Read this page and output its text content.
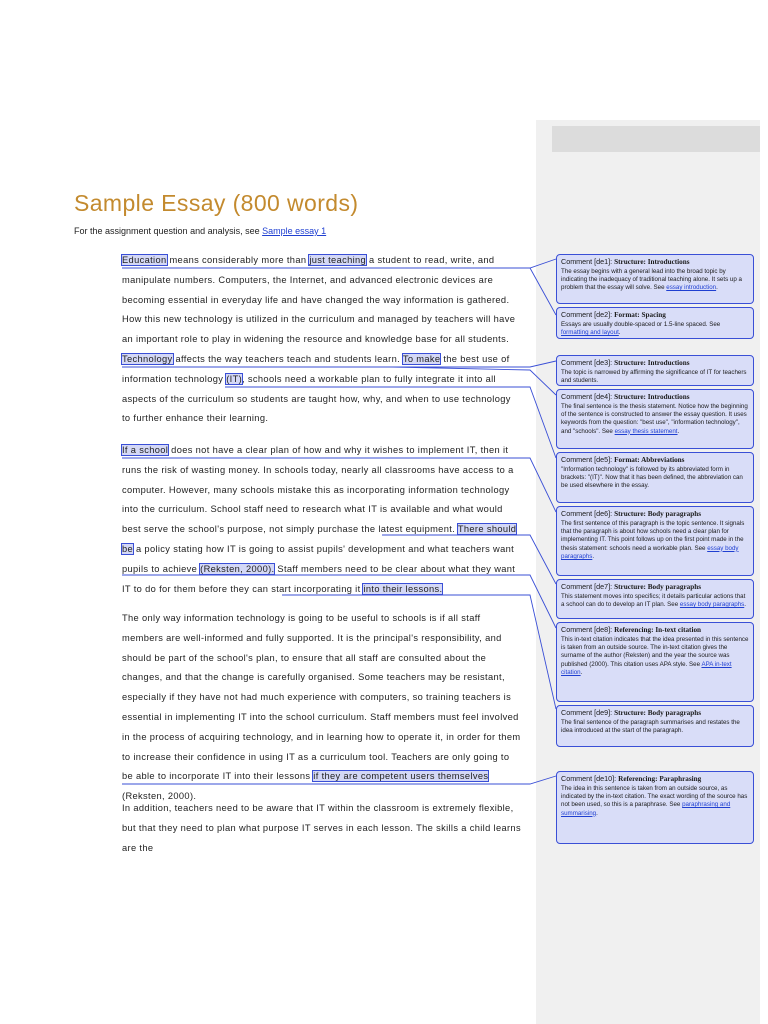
Sample Essay (800 words)
For the assignment question and analysis, see Sample essay 1

Education means considerably more than just teaching a student to read, write, and manipulate numbers. Computers, the Internet, and advanced electronic devices are becoming essential in everyday life and have changed the way information is gathered. How this new technology is utilized in the curriculum and managed by teachers will have an important role to play in widening the resource and knowledge base for all students. Technology affects the way teachers teach and students learn. To make the best use of information technology (IT), schools need a workable plan to fully integrate it into all aspects of the curriculum so students are taught how, why, and when to use technology to further enhance their learning.

If a school does not have a clear plan of how and why it wishes to implement IT, then it runs the risk of wasting money. In schools today, nearly all classrooms have access to a computer. However, many schools mistake this as incorporating information technology into the curriculum. School staff need to research what IT is available and what would best serve the school's purpose, not simply purchase the latest equipment. There should be a policy stating how IT is going to assist pupils' development and what teachers want pupils to achieve (Reksten, 2000). Staff members need to be clear about what they want IT to do for them before they can start incorporating it into their lessons.

The only way information technology is going to be useful to schools is if all staff members are well-informed and fully supported. It is the principal's responsibility, and should be part of the school's plan, to ensure that all staff are consulted about the changes, and that the change is carefully organised. Some teachers may be resistant, especially if they have not had much experience with computers, so training teachers is essential in implementing IT into the school curriculum. Staff members must feel involved in the process of acquiring technology, and in learning how to operate it, in order for them to increase their confidence in using IT as a curriculum tool. Teachers are only going to be able to incorporate IT into their lessons if they are competent users themselves (Reksten, 2000).

In addition, teachers need to be aware that IT within the classroom is extremely flexible, but that they need to plan what purpose IT serves in each lesson. The skills a child learns are the

Comment [de1]: Structure: Introductions
The essay begins with a general lead into the broad topic by indicating the inadequacy of traditional teaching alone. It sets up a problem that the essay will solve. See essay introduction.
Comment [de2]: Format: Spacing
Essays are usually double-spaced or 1.5-line spaced. See formatting and layout.
Comment [de3]: Structure: Introductions
The topic is narrowed by affirming the significance of IT for teachers and students.
Comment [de4]: Structure: Introductions
The final sentence is the thesis statement. Notice how the beginning of the sentence is constructed to answer the essay question. It uses keywords from the question: "best use", "information technology", and "schools". See essay thesis statement.
Comment [de5]: Format: Abbreviations
"Information technology" is followed by its abbreviated form in brackets: "(IT)". Now that it has been defined, the abbreviation can be used elsewhere in the essay.
Comment [de6]: Structure: Body paragraphs
The first sentence of this paragraph is the topic sentence. It signals that the paragraph is about how schools need a clear plan for implementing IT. This point follows up on the first point made in the thesis statement: schools need a workable plan. See essay body paragraphs.
Comment [de7]: Structure: Body paragraphs
This statement moves into specifics; it details particular actions that a school can do to develop an IT plan. See essay body paragraphs.
Comment [de8]: Referencing: In-text citation
This in-text citation indicates that the idea presented in this sentence is taken from an outside source. The in-text citation gives the surname of the author (Reksten) and the year the source was published (2000). This citation uses APA style. See APA in-text citation.
Comment [de9]: Structure: Body paragraphs
The final sentence of the paragraph summarises and restates the idea introduced at the start of the paragraph.
Comment [de10]: Referencing: Paraphrasing
The idea in this sentence is taken from an outside source, as indicated by the in-text citation. The exact wording of the source has not been used, so this is a paraphrase. See paraphrasing and summarising.
